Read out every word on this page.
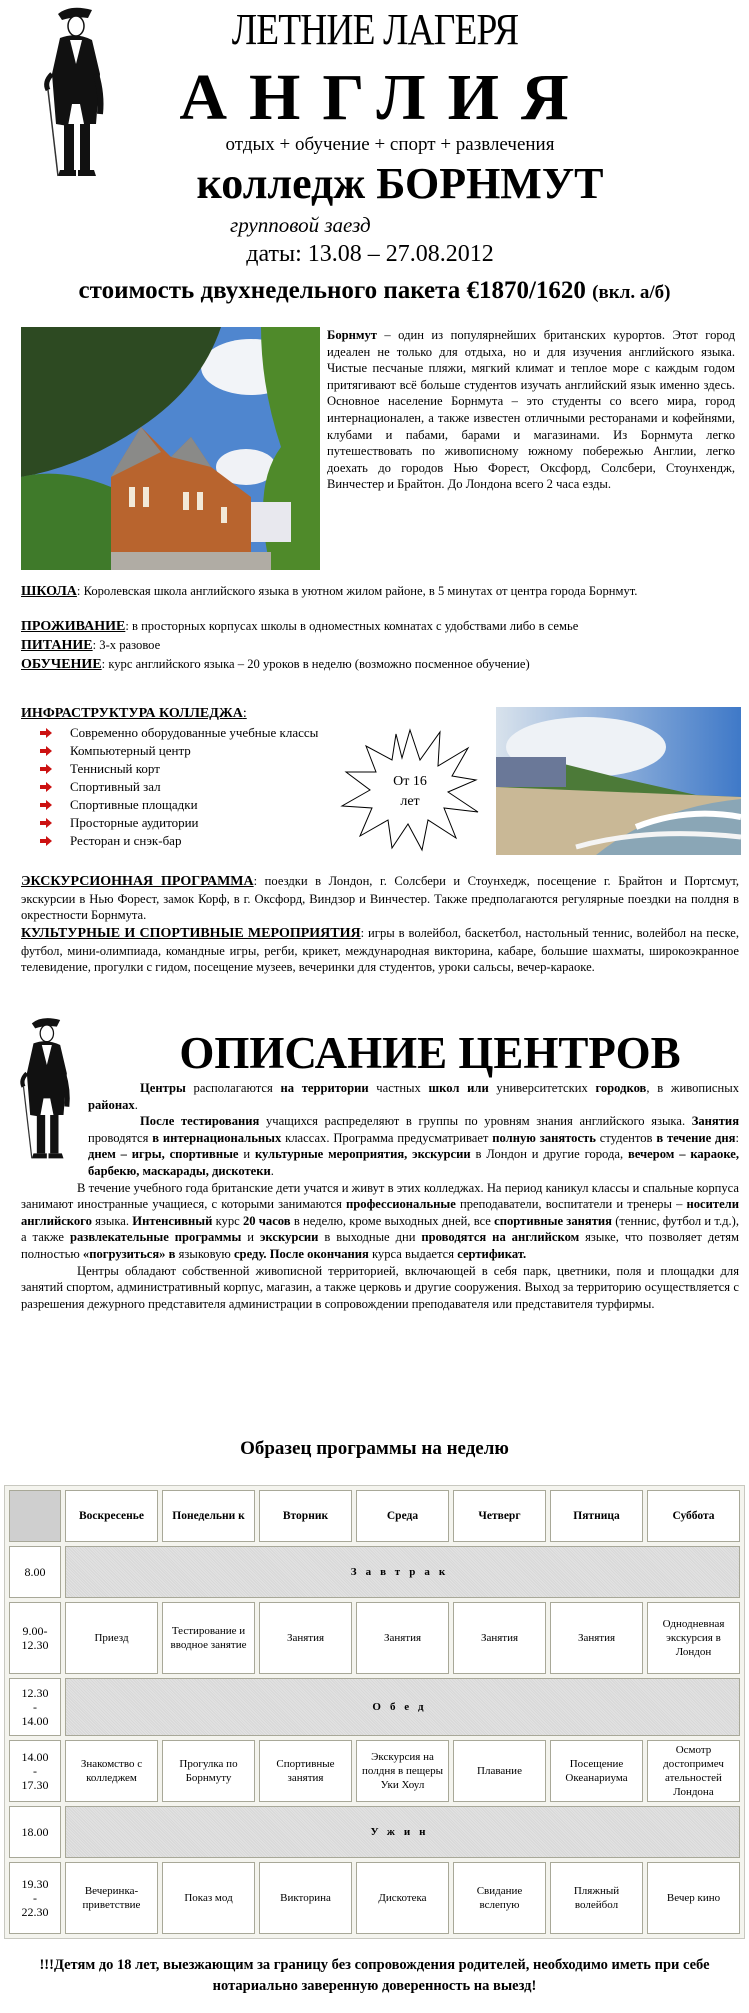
ЛЕТНИЕ ЛАГЕРЯ
АНГЛИЯ
отдых + обучение + спорт + развлечения
колледж БОРНМУТ
групповой заезд
даты: 13.08 – 27.08.2012
стоимость двухнедельного пакета €1870/1620 (вкл. а/б)
Борнмут – один из популярнейших британских курортов. Этот город идеален не только для отдыха, но и для изучения английского языка. Чистые песчаные пляжи, мягкий климат и теплое море с каждым годом притягивают всё больше студентов изучать английский язык именно здесь. Основное население Борнмута – это студенты со всего мира, город интернационален, а также известен отличными ресторанами и кофейнями, клубами и пабами, барами и магазинами. Из Борнмута легко путешествовать по живописному южному побережью Англии, легко доехать до городов Нью Форест, Оксфорд, Солсбери, Стоунхендж, Винчестер и Брайтон. До Лондона всего 2 часа езды.
ШКОЛА: Королевская школа английского языка в уютном жилом районе, в 5 минутах от центра города Борнмут.
ПРОЖИВАНИЕ: в просторных корпусах школы в одноместных комнатах с удобствами либо в семье
ПИТАНИЕ: 3-х разовое
ОБУЧЕНИЕ: курс английского языка – 20 уроков в неделю (возможно посменное обучение)
ИНФРАСТРУКТУРА КОЛЛЕДЖА:
Современно оборудованные учебные классы
Компьютерный центр
Теннисный корт
Спортивный зал
Спортивные площадки
Просторные аудитории
Ресторан и снэк-бар
От 16
лет
ЭКСКУРСИОННАЯ ПРОГРАММА: поездки в Лондон, г. Солсбери и Стоунхедж, посещение г. Брайтон и Портсмут, экскурсии в Нью Форест, замок Корф, в г. Оксфорд, Виндзор и Винчестер. Также предполагаются регулярные поездки на полдня в окрестности Борнмута.
КУЛЬТУРНЫЕ И СПОРТИВНЫЕ МЕРОПРИЯТИЯ: игры в волейбол, баскетбол, настольный теннис, волейбол на песке, футбол, мини-олимпиада, командные игры, регби, крикет, международная викторина, кабаре, большие шахматы, широкоэкранное телевидение, прогулки с гидом, посещение музеев, вечеринки для студентов, уроки сальсы, вечер-караоке.
ОПИСАНИЕ ЦЕНТРОВ
Центры располагаются на территории частных школ или университетских городков, в живописных районах.
После тестирования учащихся распределяют в группы по уровням знания английского языка. Занятия проводятся в интернациональных классах. Программа предусматривает полную занятость студентов в течение дня: днем – игры, спортивные и культурные мероприятия, экскурсии в Лондон и другие города, вечером – караоке, барбекю, маскарады, дискотеки.
В течение учебного года британские дети учатся и живут в этих колледжах. На период каникул классы и спальные корпуса занимают иностранные учащиеся, с которыми занимаются профессиональные преподаватели, воспитатели и тренеры – носители английского языка. Интенсивный курс 20 часов в неделю, кроме выходных дней, все спортивные занятия (теннис, футбол и т.д.), а также развлекательные программы и экскурсии в выходные дни проводятся на английском языке, что позволяет детям полностью «погрузиться» в языковую среду. После окончания курса выдается сертификат.
Центры обладают собственной живописной территорией, включающей в себя парк, цветники, поля и площадки для занятий спортом, административный корпус, магазин, а также церковь и другие сооружения. Выход за территорию осуществляется с разрешения дежурного представителя администрации в сопровождении преподавателя или представителя турфирмы.
Образец программы на неделю
	Воскресенье	Понедельни к	Вторник	Среда	Четверг	Пятница	Суббота
8.00	Завтрак						
9.00-
12.30	Приезд	Тестирование и вводное занятие	Занятия	Занятия	Занятия	Занятия	Однодневная экскурсия в Лондон
12.30
-
14.00	Обед						
14.00
-
17.30	Знакомство с колледжем	Прогулка по Борнмуту	Спортивные занятия	Экскурсия на полдня в пещеры Уки Хоул	Плавание	Посещение Океанариума	Осмотр достопримеч ательностей Лондона
18.00	Ужин						
19.30
-
22.30	Вечеринка-приветствие	Показ мод	Викторина	Дискотека	Свидание вслепую	Пляжный волейбол	Вечер кино
!!!Детям до 18 лет, выезжающим за границу без сопровождения родителей, необходимо иметь при себе нотариально заверенную доверенность на выезд!
